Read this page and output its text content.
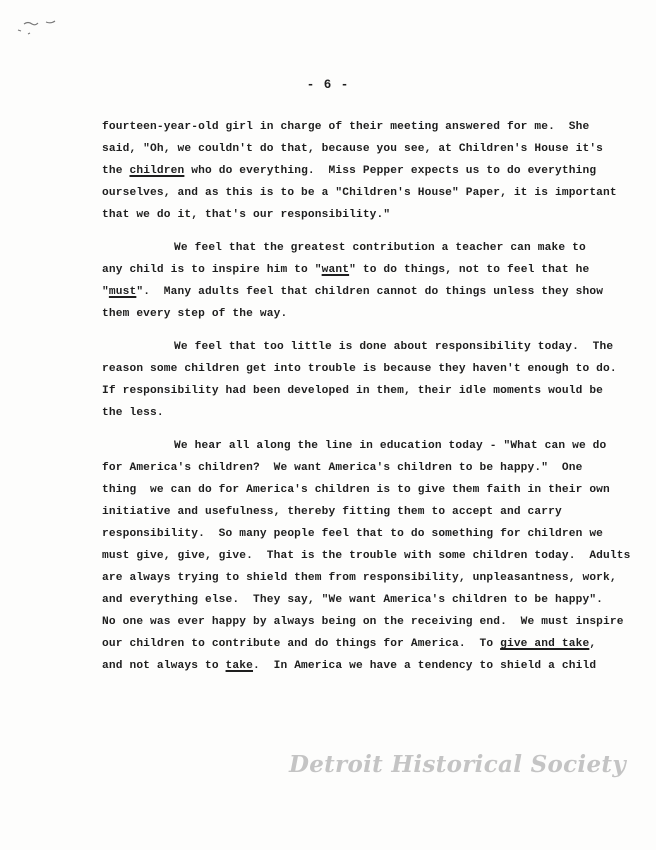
- 6 -
fourteen-year-old girl in charge of their meeting answered for me.  She
said, "Oh, we couldn't do that, because you see, at Children's House it's
the children who do everything.  Miss Pepper expects us to do everything
ourselves, and as this is to be a "Children's House" Paper, it is important
that we do it, that's our responsibility."
We feel that the greatest contribution a teacher can make to
any child is to inspire him to "want" to do things, not to feel that he
"must".  Many adults feel that children cannot do things unless they show
them every step of the way.
We feel that too little is done about responsibility today.  The
reason some children get into trouble is because they haven't enough to do.
If responsibility had been developed in them, their idle moments would be
the less.
We hear all along the line in education today - "What can we do
for America's children?  We want America's children to be happy."  One
thing  we can do for America's children is to give them faith in their own
initiative and usefulness, thereby fitting them to accept and carry
responsibility.  So many people feel that to do something for children we
must give, give, give.  That is the trouble with some children today.  Adults
are always trying to shield them from responsibility, unpleasantness, work,
and everything else.  They say, "We want America's children to be happy".
No one was ever happy by always being on the receiving end.  We must inspire
our children to contribute and do things for America.  To give and take,
and not always to take.  In America we have a tendency to shield a child
Detroit Historical Society
